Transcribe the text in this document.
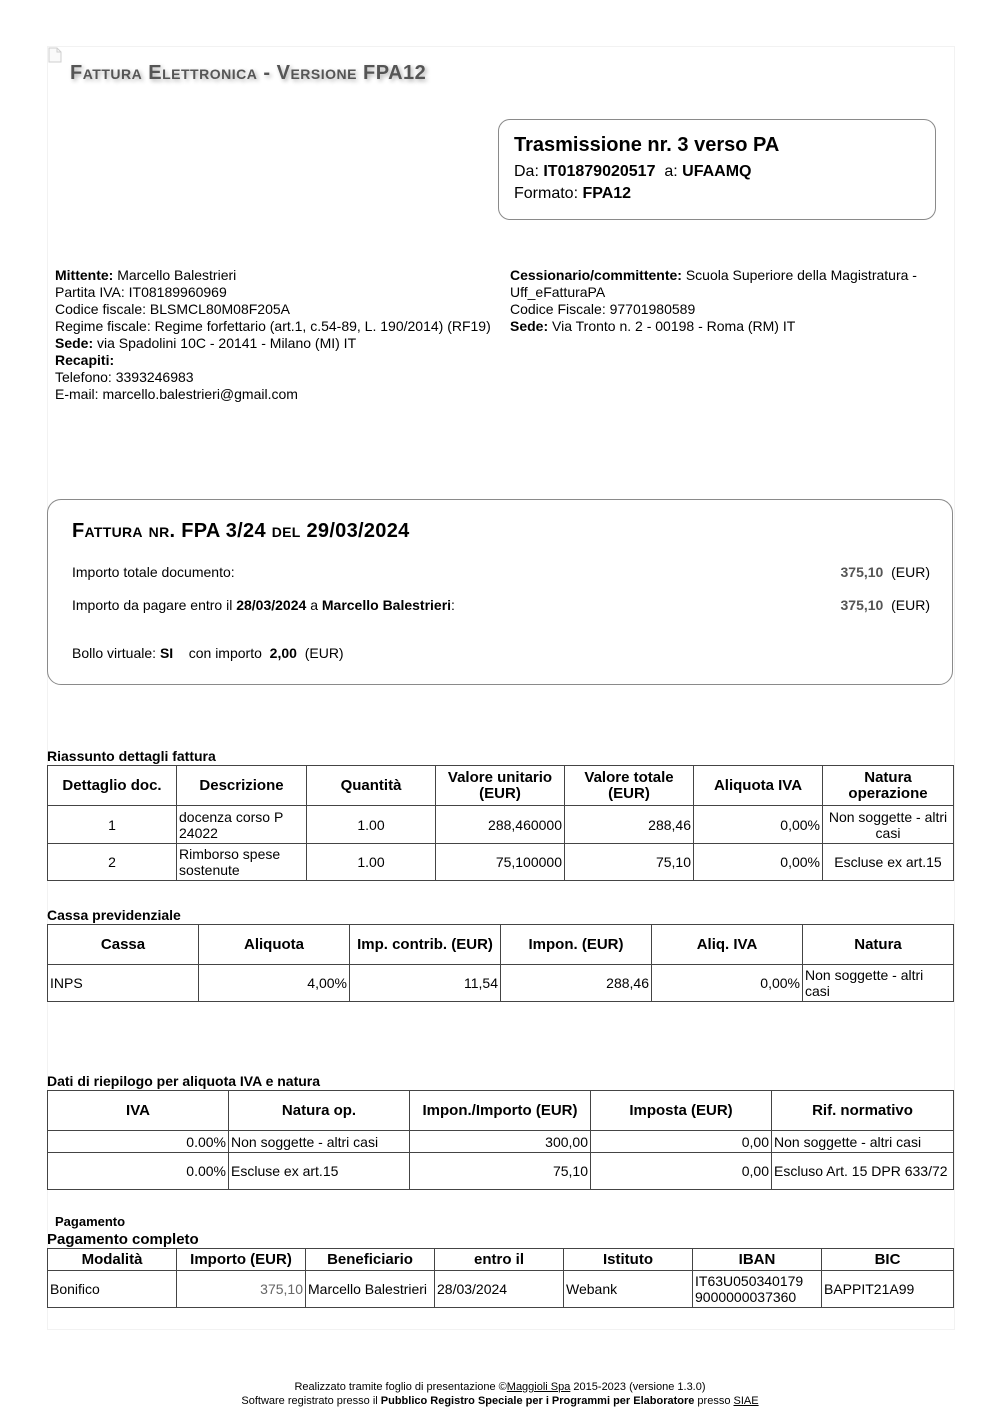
Fattura Elettronica - Versione FPA12
Trasmissione nr. 3 verso PA
Da: IT01879020517 a: UFAAMQ
Formato: FPA12
Mittente: Marcello Balestrieri
Partita IVA: IT08189960969
Codice fiscale: BLSMCL80M08F205A
Regime fiscale: Regime forfettario (art.1, c.54-89, L. 190/2014) (RF19)
Sede: via Spadolini 10C - 20141 - Milano (MI) IT
Recapiti:
Telefono: 3393246983
E-mail: marcello.balestrieri@gmail.com
Cessionario/committente: Scuola Superiore della Magistratura - Uff_eFatturaPA
Codice Fiscale: 97701980589
Sede: Via Tronto n. 2 - 00198 - Roma (RM) IT
Fattura nr. FPA 3/24 del 29/03/2024
Importo totale documento:	375,10 (EUR)
Importo da pagare entro il 28/03/2024 a Marcello Balestrieri:	375,10 (EUR)
Bollo virtuale: SI con importo 2,00 (EUR)
Riassunto dettagli fattura
Dettaglio doc.	Descrizione	Quantità	Valore unitario (EUR)	Valore totale (EUR)	Aliquota IVA	Natura operazione
1	docenza corso P 24022	1.00	288,460000	288,46	0,00%	Non soggette - altri casi
2	Rimborso spese sostenute	1.00	75,100000	75,10	0,00%	Escluse ex art.15
Cassa previdenziale
Cassa	Aliquota	Imp. contrib. (EUR)	Impon. (EUR)	Aliq. IVA	Natura
INPS	4,00%	11,54	288,46	0,00%	Non soggette - altri casi
Dati di riepilogo per aliquota IVA e natura
IVA	Natura op.	Impon./Importo (EUR)	Imposta (EUR)	Rif. normativo
0.00%	Non soggette - altri casi	300,00	0,00	Non soggette - altri casi
0.00%	Escluse ex art.15	75,10	0,00	Escluso Art. 15 DPR 633/72
Pagamento
Pagamento completo
Modalità	Importo (EUR)	Beneficiario	entro il	Istituto	IBAN	BIC
Bonifico	375,10	Marcello Balestrieri	28/03/2024	Webank	IT63U050340179 9000000037360	BAPPIT21A99
Realizzato tramite foglio di presentazione ©Maggioli Spa 2015-2023 (versione 1.3.0)
Software registrato presso il Pubblico Registro Speciale per i Programmi per Elaboratore presso SIAE
